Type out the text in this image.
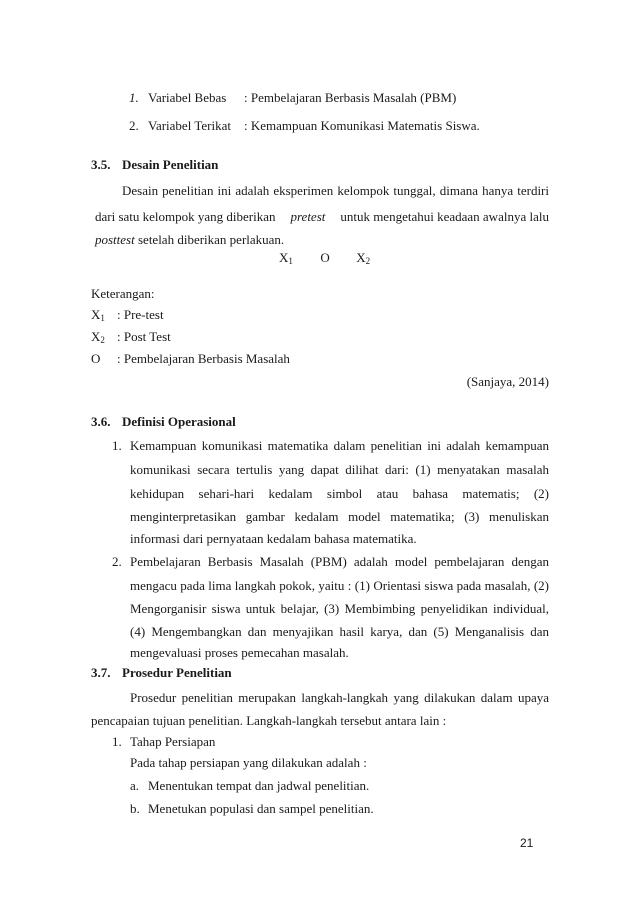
1. Variabel Bebas : Pembelajaran Berbasis Masalah (PBM)
2. Variabel Terikat : Kemampuan Komunikasi Matematis Siswa.
3.5. Desain Penelitian
Desain penelitian ini adalah eksperimen kelompok tunggal, dimana hanya terdiri
dari satu kelompok yang diberikan pretest untuk mengetahui keadaan awalnya lalu
posttest setelah diberikan perlakuan.
$X_1$ O $X_2$
Keterangan:
$X_1$ : Pre-test
$X_2$ : Post Test
O : Pembelajaran Berbasis Masalah
(Sanjaya, 2014)
3.6. Definisi Operasional
1. Kemampuan komunikasi matematika dalam penelitian ini adalah kemampuan
komunikasi secara tertulis yang dapat dilihat dari: (1) menyatakan masalah
kehidupan sehari-hari kedalam simbol atau bahasa matematis; (2)
menginterpretasikan gambar kedalam model matematika; (3) menuliskan
informasi dari pernyataan kedalam bahasa matematika.
2. Pembelajaran Berbasis Masalah (PBM) adalah model pembelajaran dengan
mengacu pada lima langkah pokok, yaitu : (1) Orientasi siswa pada masalah, (2)
Mengorganisir siswa untuk belajar, (3) Membimbing penyelidikan individual,
(4) Mengembangkan dan menyajikan hasil karya, dan (5) Menganalisis dan
mengevaluasi proses pemecahan masalah.
3.7. Prosedur Penelitian
Prosedur penelitian merupakan langkah-langkah yang dilakukan dalam upaya
pencapaian tujuan penelitian. Langkah-langkah tersebut antara lain :
1. Tahap Persiapan
Pada tahap persiapan yang dilakukan adalah :
a. Menentukan tempat dan jadwal penelitian.
b. Menetukan populasi dan sampel penelitian.
21
